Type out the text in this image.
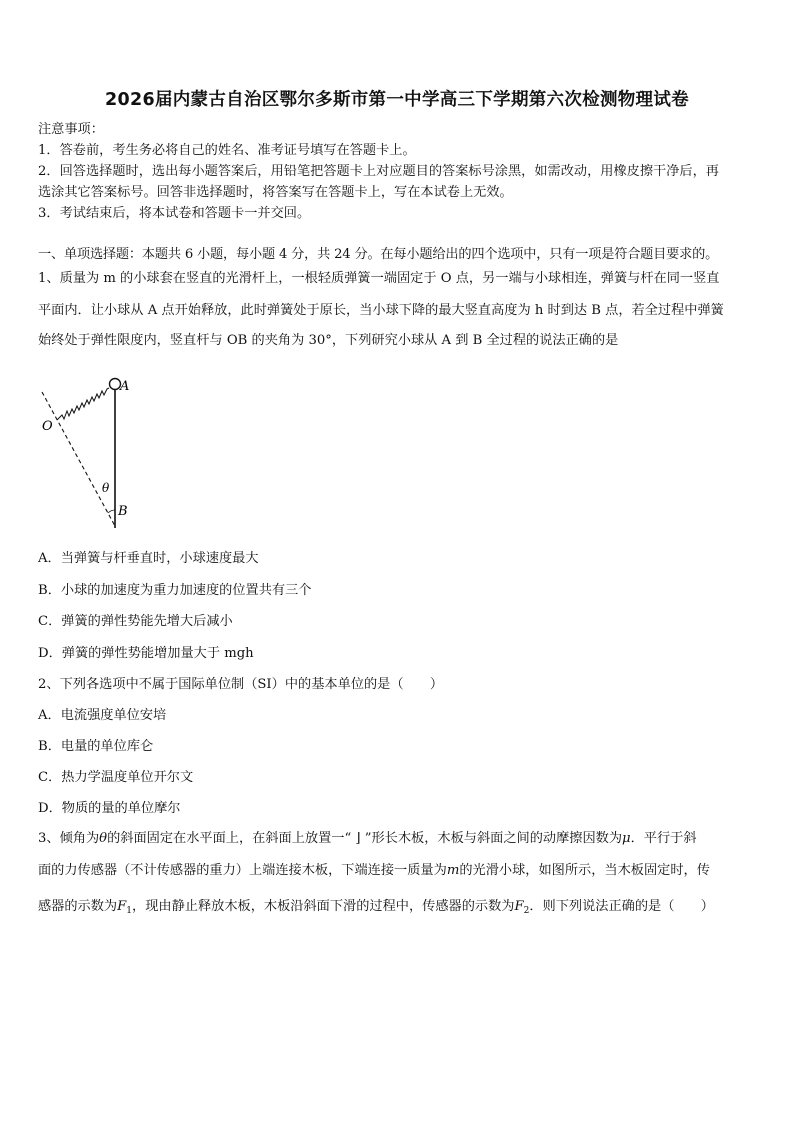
2026届内蒙古自治区鄂尔多斯市第一中学高三下学期第六次检测物理试卷
注意事项：
1．答卷前，考生务必将自己的姓名、准考证号填写在答题卡上。
2．回答选择题时，选出每小题答案后，用铅笔把答题卡上对应题目的答案标号涂黑，如需改动，用橡皮擦干净后，再
选涂其它答案标号。回答非选择题时，将答案写在答题卡上，写在本试卷上无效。
3．考试结束后，将本试卷和答题卡一并交回。
一、单项选择题：本题共 6 小题，每小题 4 分，共 24 分。在每小题给出的四个选项中，只有一项是符合题目要求的。
1、质量为 m 的小球套在竖直的光滑杆上，一根轻质弹簧一端固定于 O 点，另一端与小球相连，弹簧与杆在同一竖直
平面内．让小球从 A 点开始释放，此时弹簧处于原长，当小球下降的最大竖直高度为 h 时到达 B 点，若全过程中弹簧
始终处于弹性限度内，竖直杆与 OB 的夹角为 30°，下列研究小球从 A 到 B 全过程的说法正确的是
A
O
θ
B
A．当弹簧与杆垂直时，小球速度最大
B．小球的加速度为重力加速度的位置共有三个
C．弹簧的弹性势能先增大后减小
D．弹簧的弹性势能增加量大于 mgh
2、下列各选项中不属于国际单位制（SI）中的基本单位的是（　　）
A．电流强度单位安培
B．电量的单位库仑
C．热力学温度单位开尔文
D．物质的量的单位摩尔
3、倾角为θ的斜面固定在水平面上，在斜面上放置一“ ⌋ ”形长木板，木板与斜面之间的动摩擦因数为μ．平行于斜
面的力传感器（不计传感器的重力）上端连接木板，下端连接一质量为m的光滑小球，如图所示，当木板固定时，传
感器的示数为$F_1$，现由静止释放木板，木板沿斜面下滑的过程中，传感器的示数为$F_2$．则下列说法正确的是（　　）
